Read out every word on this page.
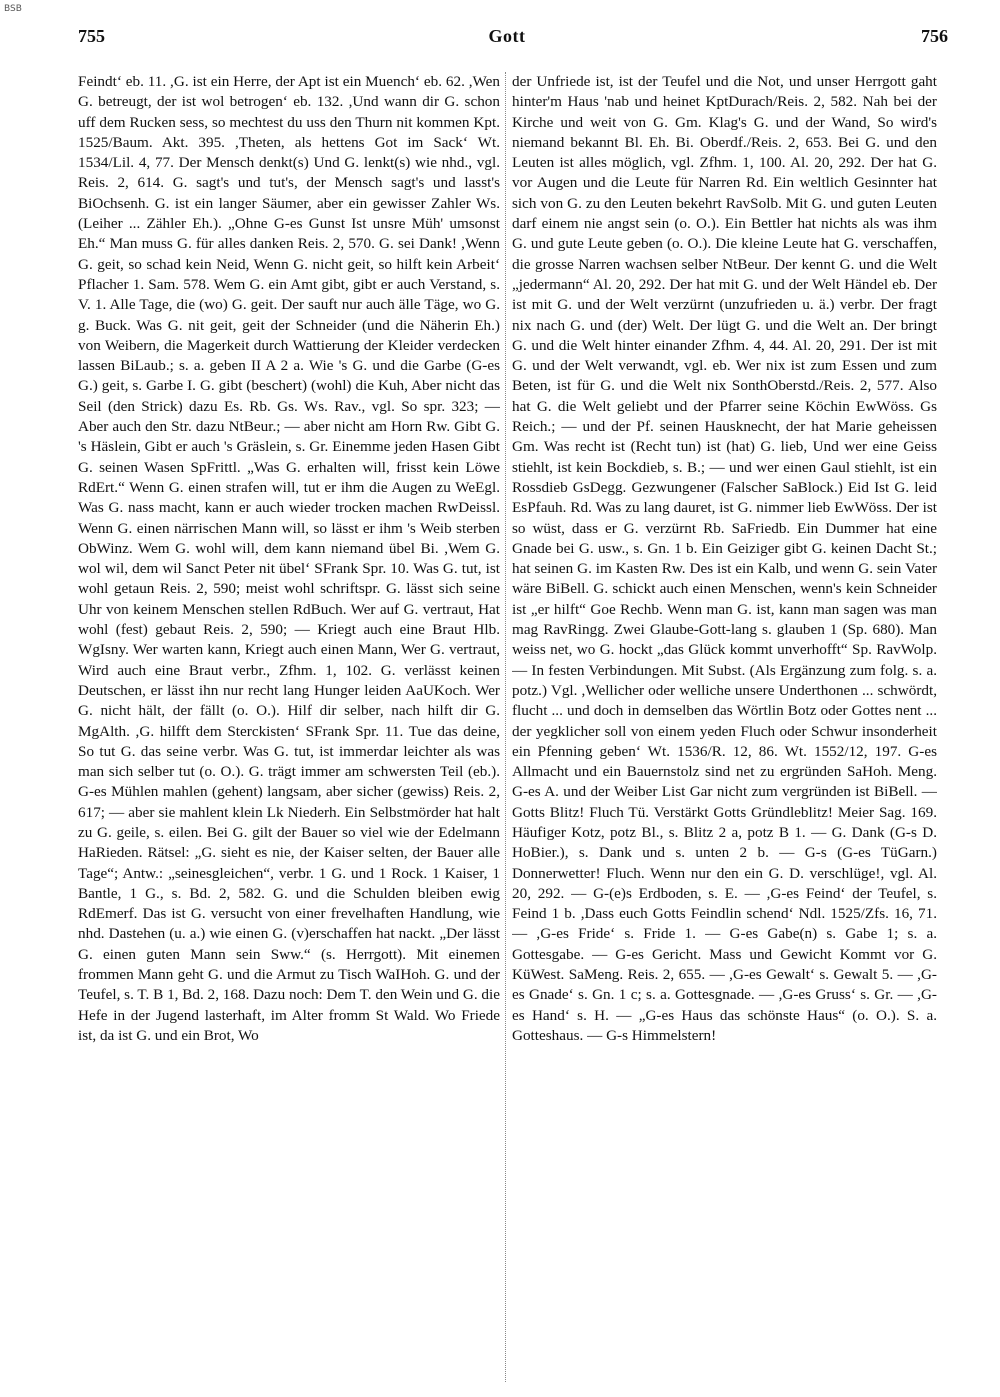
BSB
755	Gott	756

Feindt‘ eb. 11. ,G. ist ein Herre, der Apt ist ein Muench‘ eb. 62. ,Wen G. betreugt, der ist wol betrogen‘ eb. 132. ,Und wann dir G. schon uff dem Rucken sess, so mechtest du uss den Thurn nit kommen Kpt. 1525/Baum. Akt. 395. ,Theten, als hettens Got im Sack‘ Wt. 1534/Lil. 4, 77. Der Mensch denkt(s) Und G. lenkt(s) wie nhd., vgl. Reis. 2, 614. G. sagt's und tut's, der Mensch sagt's und lasst's BiOchsenh. G. ist ein langer Säumer, aber ein gewisser Zahler Ws. (Leiher ... Zähler Eh.). „Ohne G-es Gunst Ist unsre Müh' umsonst Eh.“ Man muss G. für alles danken Reis. 2, 570. G. sei Dank! ,Wenn G. geit, so schad kein Neid, Wenn G. nicht geit, so hilft kein Arbeit‘ Pflacher 1. Sam. 578. Wem G. ein Amt gibt, gibt er auch Verstand, s. V. 1. Alle Tage, die (wo) G. geit. Der sauft nur auch älle Täge, wo G. g. Buck. Was G. nit geit, geit der Schneider (und die Näherin Eh.) von Weibern, die Magerkeit durch Wattierung der Kleider verdecken lassen BiLaub.; s. a. geben II A 2 a. Wie 's G. und die Garbe (G-es G.) geit, s. Garbe I. G. gibt (beschert) (wohl) die Kuh, Aber nicht das Seil (den Strick) dazu Es. Rb. Gs. Ws. Rav., vgl. So spr. 323; — Aber auch den Str. dazu NtBeur.; — aber nicht am Horn Rw. Gibt G. 's Häslein, Gibt er auch 's Gräslein, s. Gr. Einemme jeden Hasen Gibt G. seinen Wasen SpFrittl. „Was G. erhalten will, frisst kein Löwe RdErt.“ Wenn G. einen strafen will, tut er ihm die Augen zu WeEgl. Was G. nass macht, kann er auch wieder trocken machen RwDeissl. Wenn G. einen närrischen Mann will, so lässt er ihm 's Weib sterben ObWinz. Wem G. wohl will, dem kann niemand übel Bi. ,Wem G. wol wil, dem wil Sanct Peter nit übel‘ SFrank Spr. 10. Was G. tut, ist wohl getaun Reis. 2, 590; meist wohl schriftspr. G. lässt sich seine Uhr von keinem Menschen stellen RdBuch. Wer auf G. vertraut, Hat wohl (fest) gebaut Reis. 2, 590; — Kriegt auch eine Braut Hlb. WgIsny. Wer warten kann, Kriegt auch einen Mann, Wer G. vertraut, Wird auch eine Braut verbr., Zfhm. 1, 102. G. verlässt keinen Deutschen, er lässt ihn nur recht lang Hunger leiden AaUKoch. Wer G. nicht hält, der fällt (o. O.). Hilf dir selber, nach hilft dir G. MgAlth. ,G. hilfft dem Sterckisten‘ SFrank Spr. 11. Tue das deine, So tut G. das seine verbr. Was G. tut, ist immerdar leichter als was man sich selber tut (o. O.). G. trägt immer am schwersten Teil (eb.). G-es Mühlen mahlen (gehent) langsam, aber sicher (gewiss) Reis. 2, 617; — aber sie mahlent klein Lk Niederh. Ein Selbstmörder hat halt zu G. geile, s. eilen. Bei G. gilt der Bauer so viel wie der Edelmann HaRieden. Rätsel: „G. sieht es nie, der Kaiser selten, der Bauer alle Tage“; Antw.: „seinesgleichen“, verbr. 1 G. und 1 Rock. 1 Kaiser, 1 Bantle, 1 G., s. Bd. 2, 582. G. und die Schulden bleiben ewig RdEmerf. Das ist G. versucht von einer frevelhaften Handlung, wie nhd. Dastehen (u. a.) wie einen G. (v)erschaffen hat nackt. „Der lässt G. einen guten Mann sein Sww.“ (s. Herrgott). Mit einemen frommen Mann geht G. und die Armut zu Tisch WaIHoh. G. und der Teufel, s. T. B 1, Bd. 2, 168. Dazu noch: Dem T. den Wein und G. die Hefe in der Jugend lasterhaft, im Alter fromm St Wald. Wo Friede ist, da ist G. und ein Brot, Wo

der Unfriede ist, ist der Teufel und die Not, und unser Herrgott gaht hinter'm Haus 'nab und heinet KptDurach/Reis. 2, 582. Nah bei der Kirche und weit von G. Gm. Klag's G. und der Wand, So wird's niemand bekannt Bl. Eh. Bi. Oberdf./Reis. 2, 653. Bei G. und den Leuten ist alles möglich, vgl. Zfhm. 1, 100. Al. 20, 292. Der hat G. vor Augen und die Leute für Narren Rd. Ein weltlich Gesinnter hat sich von G. zu den Leuten bekehrt RavSolb. Mit G. und guten Leuten darf einem nie angst sein (o. O.). Ein Bettler hat nichts als was ihm G. und gute Leute geben (o. O.). Die kleine Leute hat G. verschaffen, die grosse Narren wachsen selber NtBeur. Der kennt G. und die Welt „jedermann“ Al. 20, 292. Der hat mit G. und der Welt Händel eb. Der ist mit G. und der Welt verzürnt (unzufrieden u. ä.) verbr. Der fragt nix nach G. und (der) Welt. Der lügt G. und die Welt an. Der bringt G. und die Welt hinter einander Zfhm. 4, 44. Al. 20, 291. Der ist mit G. und der Welt verwandt, vgl. eb. Wer nix ist zum Essen und zum Beten, ist für G. und die Welt nix SonthOberstd./Reis. 2, 577. Also hat G. die Welt geliebt und der Pfarrer seine Köchin EwWöss. Gs Reich.; — und der Pf. seinen Hausknecht, der hat Marie geheissen Gm. Was recht ist (Recht tun) ist (hat) G. lieb, Und wer eine Geiss stiehlt, ist kein Bockdieb, s. B.; — und wer einen Gaul stiehlt, ist ein Rossdieb GsDegg. Gezwungener (Falscher SaBlock.) Eid Ist G. leid EsPfauh. Rd. Was zu lang dauret, ist G. nimmer lieb EwWöss. Der ist so wüst, dass er G. verzürnt Rb. SaFriedb. Ein Dummer hat eine Gnade bei G. usw., s. Gn. 1 b. Ein Geiziger gibt G. keinen Dacht St.; hat seinen G. im Kasten Rw. Des ist ein Kalb, und wenn G. sein Vater wäre BiBell. G. schickt auch einen Menschen, wenn's kein Schneider ist „er hilft“ Goe Rechb. Wenn man G. ist, kann man sagen was man mag RavRingg. Zwei Glaube-Gott-lang s. glauben 1 (Sp. 680). Man weiss net, wo G. hockt „das Glück kommt unverhofft“ Sp. RavWolp. — In festen Verbindungen. Mit Subst. (Als Ergänzung zum folg. s. a. potz.) Vgl. ,Wellicher oder welliche unsere Underthonen ... schwördt, flucht ... und doch in demselben das Wörtlin Botz oder Gottes nent ... der yegklicher soll von einem yeden Fluch oder Schwur insonderheit ein Pfenning geben‘ Wt. 1536/R. 12, 86. Wt. 1552/12, 197. G-es Allmacht und ein Bauernstolz sind net zu ergründen SaHoh. Meng. G-es A. und der Weiber List Gar nicht zum vergründen ist BiBell. — Gotts Blitz! Fluch Tü. Verstärkt Gotts Gründleblitz! Meier Sag. 169. Häufiger Kotz, potz Bl., s. Blitz 2 a, potz B 1. — G. Dank (G-s D. HoBier.), s. Dank und s. unten 2 b. — G-s (G-es TüGarn.) Donnerwetter! Fluch. Wenn nur den ein G. D. verschlüge!, vgl. Al. 20, 292. — G-(e)s Erdboden, s. E. — ,G-es Feind‘ der Teufel, s. Feind 1 b. ,Dass euch Gotts Feindlin schend‘ Ndl. 1525/Zfs. 16, 71. — ,G-es Fride‘ s. Fride 1. — G-es Gabe(n) s. Gabe 1; s. a. Gottesgabe. — G-es Gericht. Mass und Gewicht Kommt vor G. KüWest. SaMeng. Reis. 2, 655. — ,G-es Gewalt‘ s. Gewalt 5. — ,G-es Gnade‘ s. Gn. 1 c; s. a. Gottesgnade. — ,G-es Gruss‘ s. Gr. — ,G-es Hand‘ s. H. — „G-es Haus das schönste Haus“ (o. O.). S. a. Gotteshaus. — G-s Himmelstern!
